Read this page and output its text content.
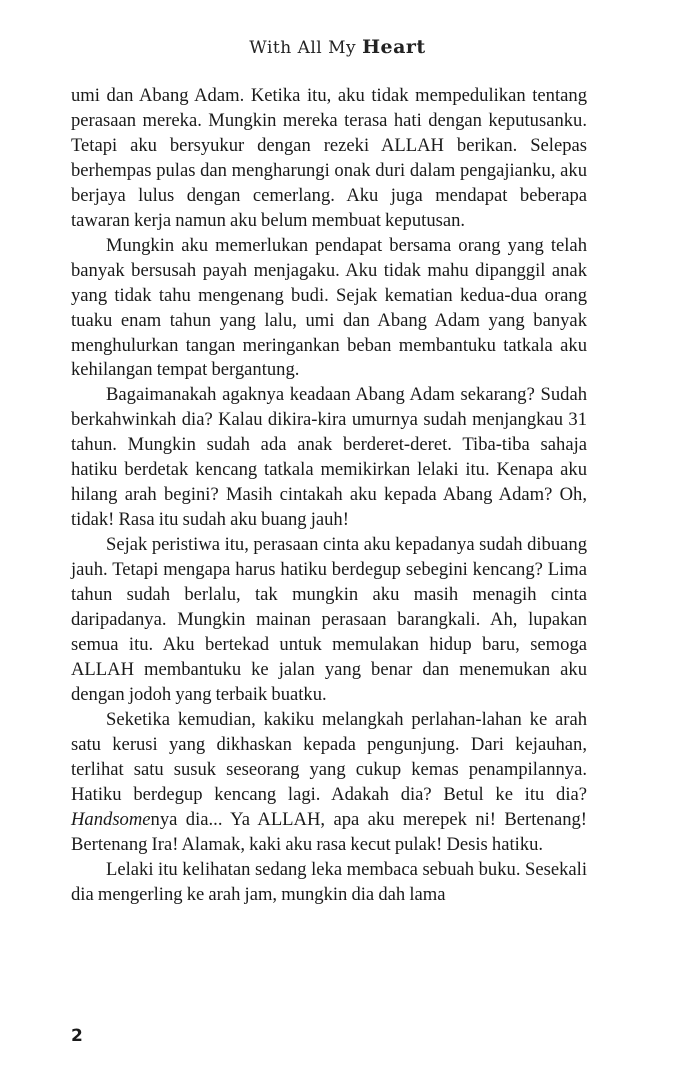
With All My Heart

umi dan Abang Adam. Ketika itu, aku tidak mempedulikan tentang perasaan mereka. Mungkin mereka terasa hati dengan keputusanku. Tetapi aku bersyukur dengan rezeki ALLAH berikan. Selepas berhempas pulas dan mengharungi onak duri dalam pengajianku, aku berjaya lulus dengan cemerlang. Aku juga mendapat beberapa tawaran kerja namun aku belum membuat keputusan.

Mungkin aku memerlukan pendapat bersama orang yang telah banyak bersusah payah menjagaku. Aku tidak mahu dipanggil anak yang tidak tahu mengenang budi. Sejak kematian kedua-dua orang tuaku enam tahun yang lalu, umi dan Abang Adam yang banyak menghulurkan tangan meringankan beban membantuku tatkala aku kehilangan tempat bergantung.

Bagaimanakah agaknya keadaan Abang Adam sekarang? Sudah berkahwinkah dia? Kalau dikira-kira umurnya sudah menjangkau 31 tahun. Mungkin sudah ada anak berderet-deret. Tiba-tiba sahaja hatiku berdetak kencang tatkala memikirkan lelaki itu. Kenapa aku hilang arah begini? Masih cintakah aku kepada Abang Adam? Oh, tidak! Rasa itu sudah aku buang jauh!

Sejak peristiwa itu, perasaan cinta aku kepadanya sudah dibuang jauh. Tetapi mengapa harus hatiku berdegup sebegini kencang? Lima tahun sudah berlalu, tak mungkin aku masih menagih cinta daripadanya. Mungkin mainan perasaan barangkali. Ah, lupakan semua itu. Aku bertekad untuk memulakan hidup baru, semoga ALLAH membantuku ke jalan yang benar dan menemukan aku dengan jodoh yang terbaik buatku.

Seketika kemudian, kakiku melangkah perlahan-lahan ke arah satu kerusi yang dikhaskan kepada pengunjung. Dari kejauhan, terlihat satu susuk seseorang yang cukup kemas penampilannya. Hatiku berdegup kencang lagi. Adakah dia? Betul ke itu dia? Handsomenya dia... Ya ALLAH, apa aku merepek ni! Bertenang! Bertenang Ira! Alamak, kaki aku rasa kecut pulak! Desis hatiku.

Lelaki itu kelihatan sedang leka membaca sebuah buku. Sesekali dia mengerling ke arah jam, mungkin dia dah lama

2
